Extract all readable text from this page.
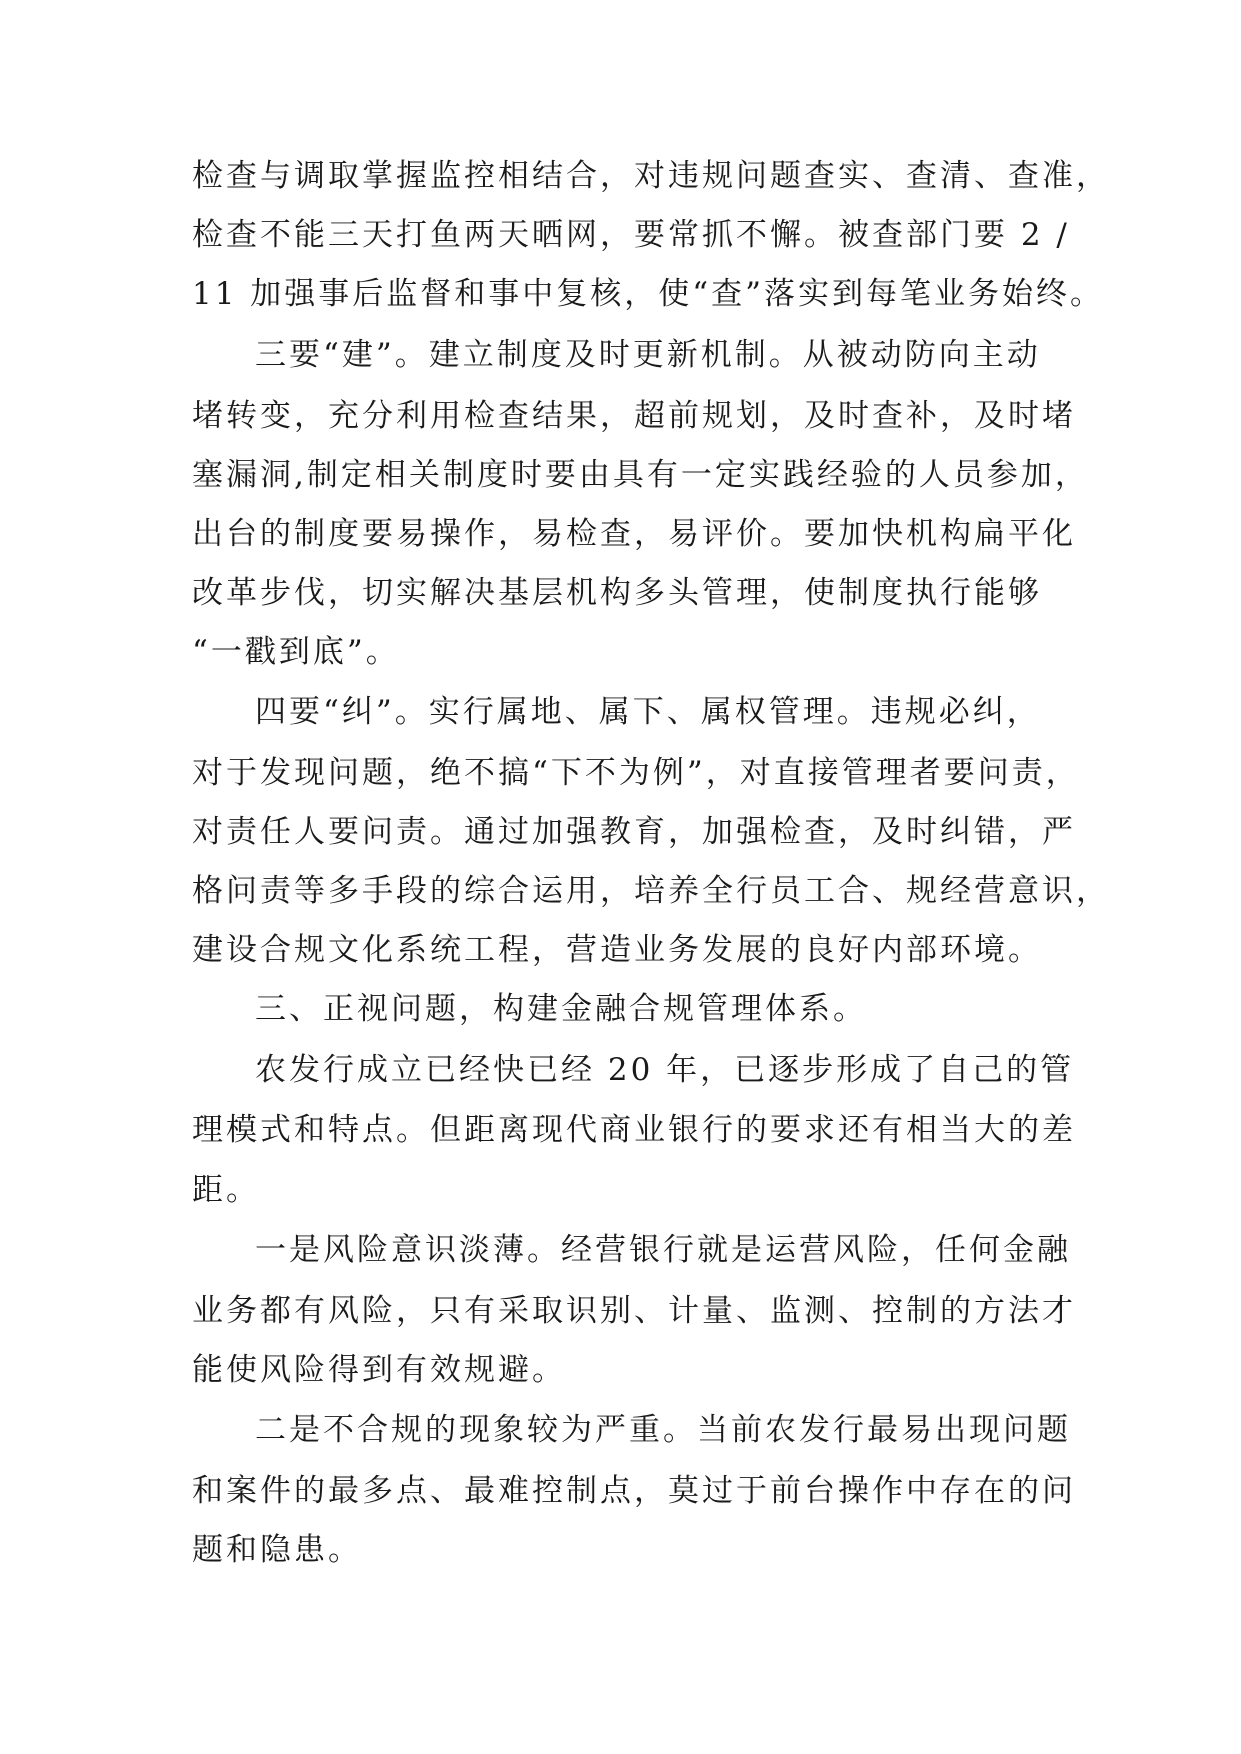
检查与调取掌握监控相结合，对违规问题查实、查清、查准，
检查不能三天打鱼两天晒网，要常抓不懈。被查部门要 2 /
11 加强事后监督和事中复核，使“查”落实到每笔业务始终。
三要“建”。建立制度及时更新机制。从被动防向主动
堵转变，充分利用检查结果，超前规划，及时查补，及时堵
塞漏洞,制定相关制度时要由具有一定实践经验的人员参加，
出台的制度要易操作，易检查，易评价。要加快机构扁平化
改革步伐，切实解决基层机构多头管理，使制度执行能够
“一戳到底”。
四要“纠”。实行属地、属下、属权管理。违规必纠，
对于发现问题，绝不搞“下不为例”，对直接管理者要问责，
对责任人要问责。通过加强教育，加强检查，及时纠错，严
格问责等多手段的综合运用，培养全行员工合、规经营意识，
建设合规文化系统工程，营造业务发展的良好内部环境。
三、正视问题，构建金融合规管理体系。
农发行成立已经快已经 20 年，已逐步形成了自己的管
理模式和特点。但距离现代商业银行的要求还有相当大的差
距。
一是风险意识淡薄。经营银行就是运营风险，任何金融
业务都有风险，只有采取识别、计量、监测、控制的方法才
能使风险得到有效规避。
二是不合规的现象较为严重。当前农发行最易出现问题
和案件的最多点、最难控制点，莫过于前台操作中存在的问
题和隐患。
